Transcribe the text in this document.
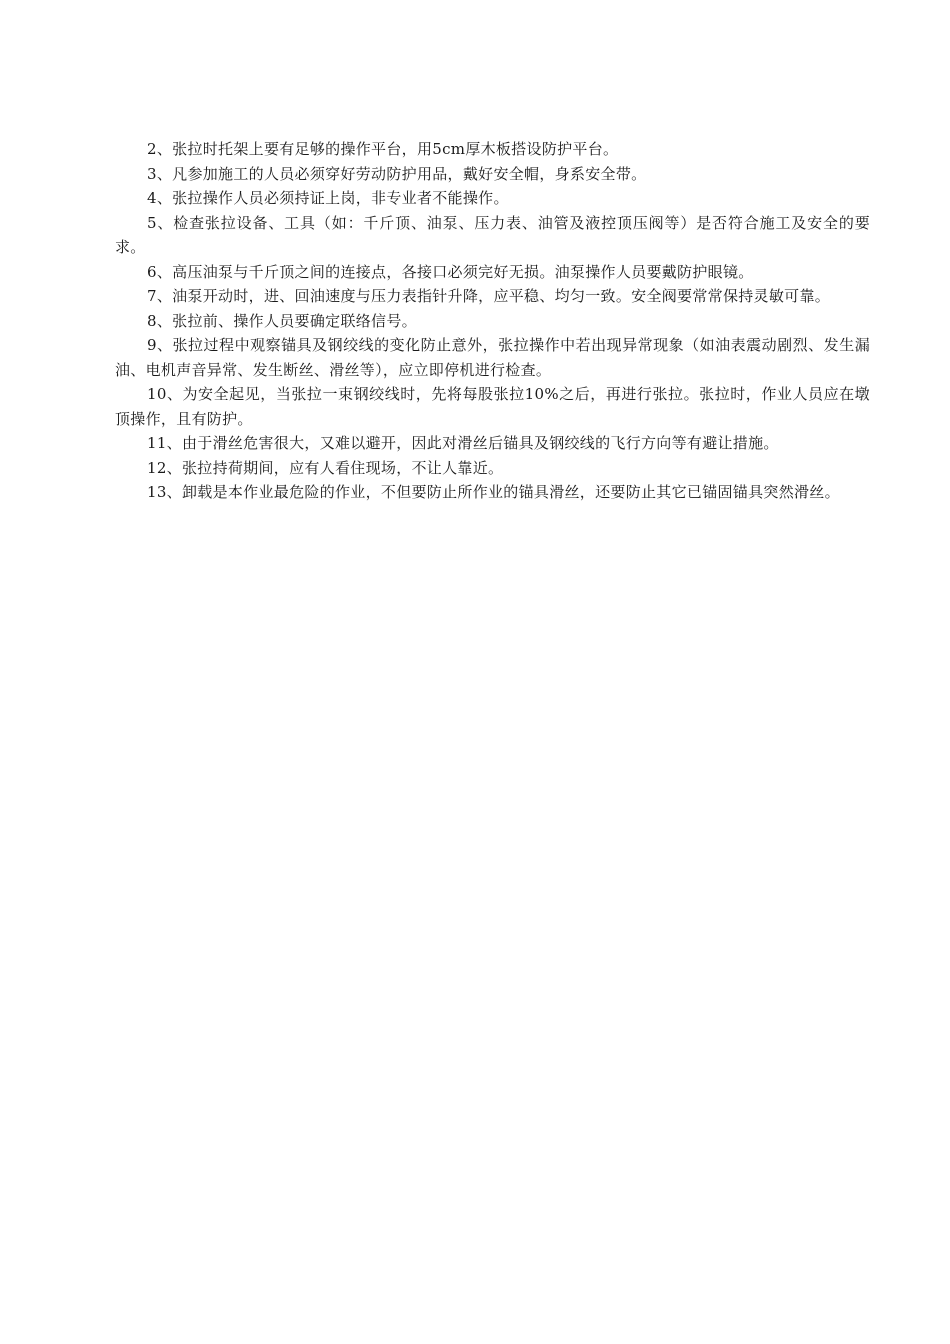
2、张拉时托架上要有足够的操作平台，用5cm厚木板搭设防护平台。

3、凡参加施工的人员必须穿好劳动防护用品，戴好安全帽，身系安全带。

4、张拉操作人员必须持证上岗，非专业者不能操作。

5、检查张拉设备、工具（如：千斤顶、油泵、压力表、油管及液控顶压阀等）是否符合施工及安全的要求。

6、高压油泵与千斤顶之间的连接点，各接口必须完好无损。油泵操作人员要戴防护眼镜。

7、油泵开动时，进、回油速度与压力表指针升降，应平稳、均匀一致。安全阀要常常保持灵敏可靠。

8、张拉前、操作人员要确定联络信号。

9、张拉过程中观察锚具及钢绞线的变化防止意外，张拉操作中若出现异常现象（如油表震动剧烈、发生漏油、电机声音异常、发生断丝、滑丝等），应立即停机进行检查。

10、为安全起见，当张拉一束钢绞线时，先将每股张拉10%之后，再进行张拉。张拉时，作业人员应在墩顶操作，且有防护。

11、由于滑丝危害很大，又难以避开，因此对滑丝后锚具及钢绞线的飞行方向等有避让措施。

12、张拉持荷期间，应有人看住现场，不让人靠近。

13、卸载是本作业最危险的作业，不但要防止所作业的锚具滑丝，还要防止其它已锚固锚具突然滑丝。
